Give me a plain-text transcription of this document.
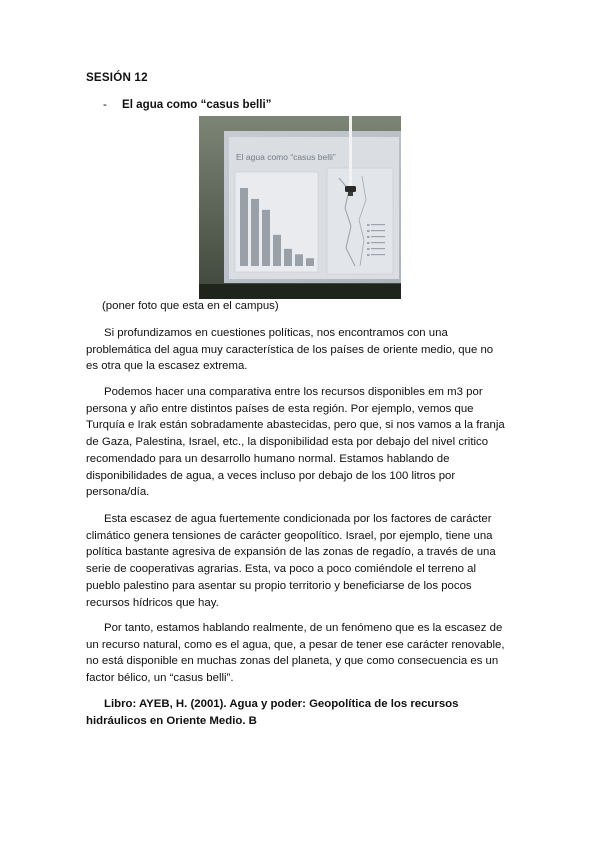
SESIÓN 12
- El agua como “casus belli”
El agua como “casus belli”
(poner foto que esta en el campus)
Si profundizamos en cuestiones políticas, nos encontramos con una
problemática del agua muy característica de los países de oriente medio, que no
es otra que la escasez extrema.
Podemos hacer una comparativa entre los recursos disponibles em m3 por
persona y año entre distintos países de esta región. Por ejemplo, vemos que
Turquía e Irak están sobradamente abastecidas, pero que, si nos vamos a la franja
de Gaza, Palestina, Israel, etc., la disponibilidad esta por debajo del nivel critico
recomendado para un desarrollo humano normal. Estamos hablando de
disponibilidades de agua, a veces incluso por debajo de los 100 litros por
persona/día.
Esta escasez de agua fuertemente condicionada por los factores de carácter
climático genera tensiones de carácter geopolítico. Israel, por ejemplo, tiene una
política bastante agresiva de expansión de las zonas de regadío, a través de una
serie de cooperativas agrarias. Esta, va poco a poco comiéndole el terreno al
pueblo palestino para asentar su propio territorio y beneficiarse de los pocos
recursos hídricos que hay.
Por tanto, estamos hablando realmente, de un fenómeno que es la escasez de
un recurso natural, como es el agua, que, a pesar de tener ese carácter renovable,
no está disponible en muchas zonas del planeta, y que como consecuencia es un
factor bélico, un “casus belli”.
Libro: AYEB, H. (2001). Agua y poder: Geopolítica de los recursos
hidráulicos en Oriente Medio. B
